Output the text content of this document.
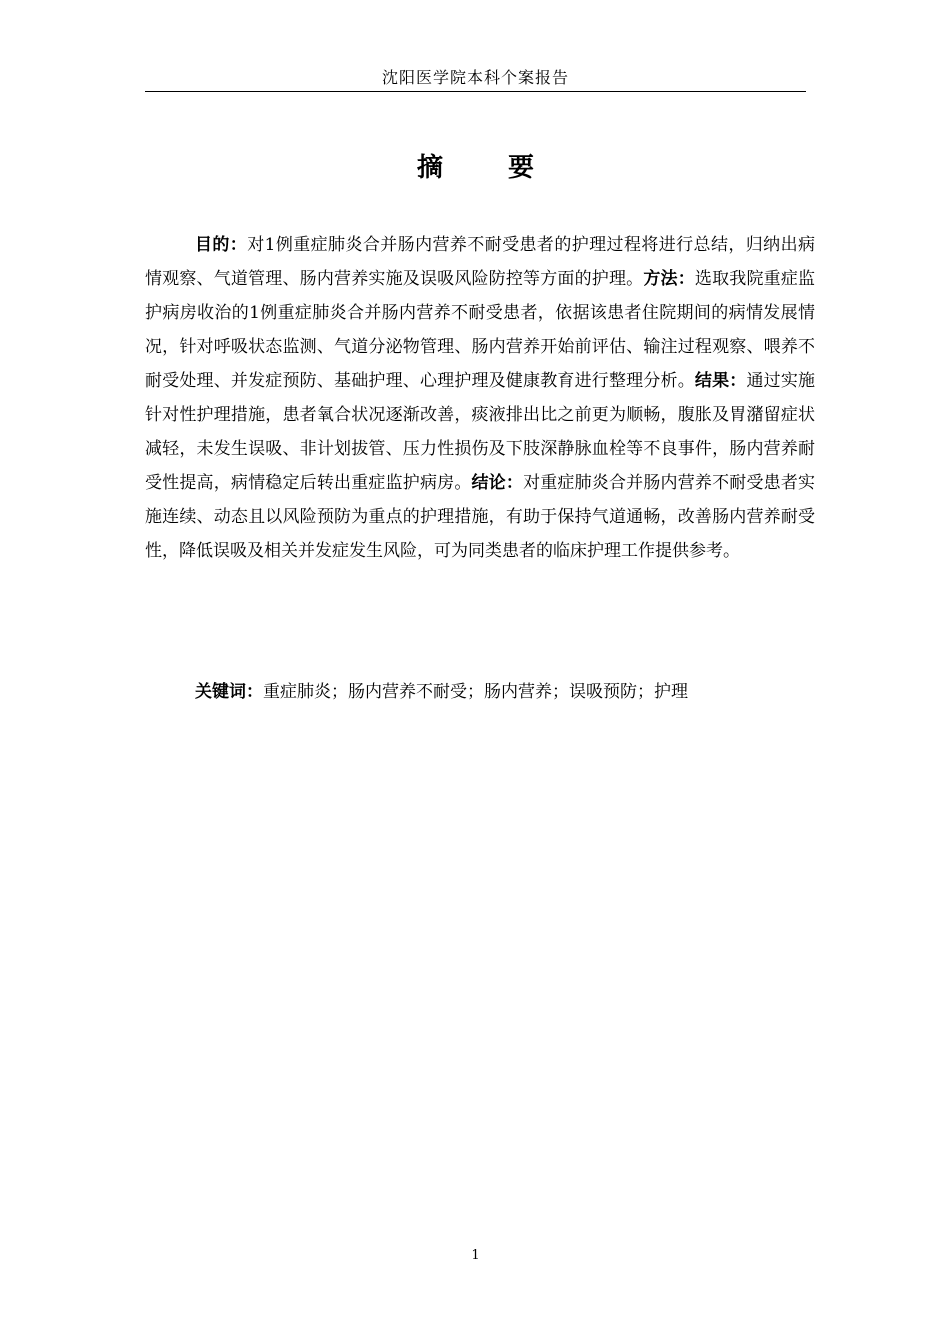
沈阳医学院本科个案报告
摘 要

目的：对1例重症肺炎合并肠内营养不耐受患者的护理过程将进行总结，归纳出病情观察、气道管理、肠内营养实施及误吸风险防控等方面的护理。方法：选取我院重症监护病房收治的1例重症肺炎合并肠内营养不耐受患者，依据该患者住院期间的病情发展情况，针对呼吸状态监测、气道分泌物管理、肠内营养开始前评估、输注过程观察、喂养不耐受处理、并发症预防、基础护理、心理护理及健康教育进行整理分析。结果：通过实施针对性护理措施，患者氧合状况逐渐改善，痰液排出比之前更为顺畅，腹胀及胃潴留症状减轻，未发生误吸、非计划拔管、压力性损伤及下肢深静脉血栓等不良事件，肠内营养耐受性提高，病情稳定后转出重症监护病房。结论：对重症肺炎合并肠内营养不耐受患者实施连续、动态且以风险预防为重点的护理措施，有助于保持气道通畅，改善肠内营养耐受性，降低误吸及相关并发症发生风险，可为同类患者的临床护理工作提供参考。

关键词：重症肺炎；肠内营养不耐受；肠内营养；误吸预防；护理

1
